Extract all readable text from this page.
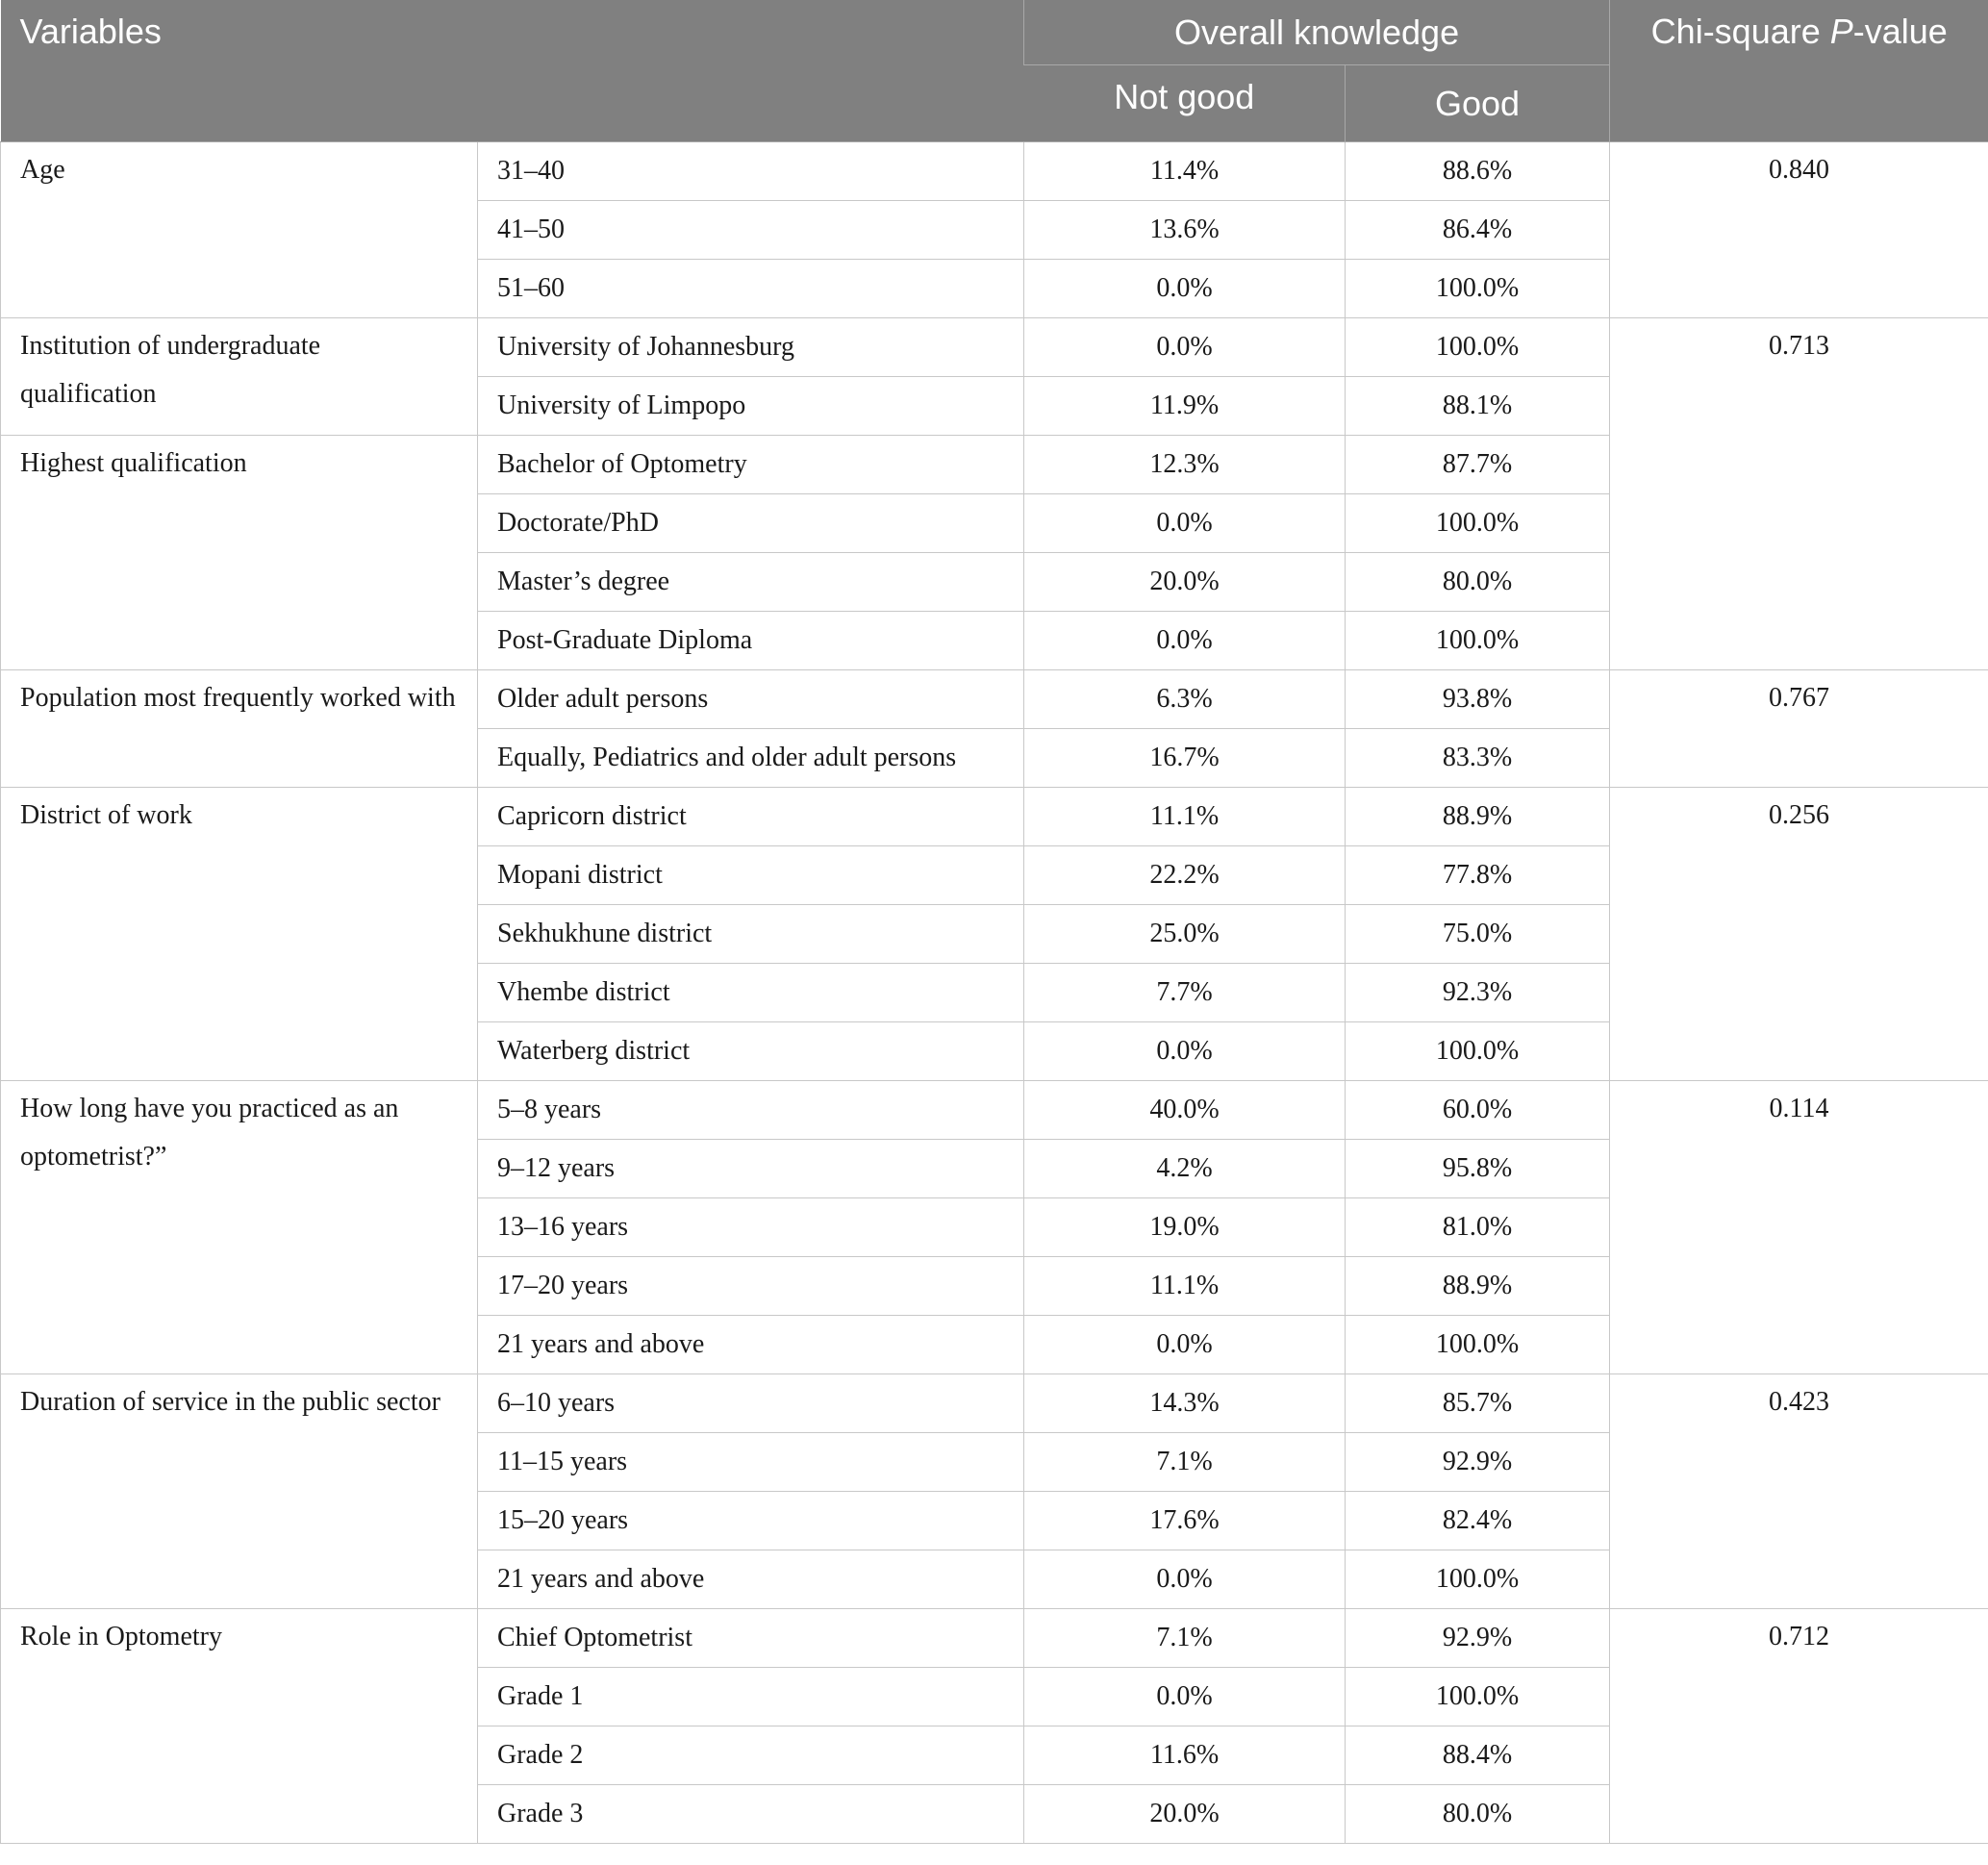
Variables		Overall knowledge		Chi-square P-value
		Not good	Good	
Age	31–40	11.4%	88.6%	0.840
	41–50	13.6%	86.4%	
	51–60	0.0%	100.0%	
Institution of undergraduate qualification	University of Johannesburg	0.0%	100.0%	0.713
	University of Limpopo	11.9%	88.1%	
Highest qualification	Bachelor of Optometry	12.3%	87.7%	
	Doctorate/PhD	0.0%	100.0%	
	Master’s degree	20.0%	80.0%	
	Post-Graduate Diploma	0.0%	100.0%	
Population most frequently worked with	Older adult persons	6.3%	93.8%	0.767
	Equally, Pediatrics and older adult persons	16.7%	83.3%	
District of work	Capricorn district	11.1%	88.9%	0.256
	Mopani district	22.2%	77.8%	
	Sekhukhune district	25.0%	75.0%	
	Vhembe district	7.7%	92.3%	
	Waterberg district	0.0%	100.0%	
How long have you practiced as an optometrist?”	5–8 years	40.0%	60.0%	0.114
	9–12 years	4.2%	95.8%	
	13–16 years	19.0%	81.0%	
	17–20 years	11.1%	88.9%	
	21 years and above	0.0%	100.0%	
Duration of service in the public sector	6–10 years	14.3%	85.7%	0.423
	11–15 years	7.1%	92.9%	
	15–20 years	17.6%	82.4%	
	21 years and above	0.0%	100.0%	
Role in Optometry	Chief Optometrist	7.1%	92.9%	0.712
	Grade 1	0.0%	100.0%	
	Grade 2	11.6%	88.4%	
	Grade 3	20.0%	80.0%	
